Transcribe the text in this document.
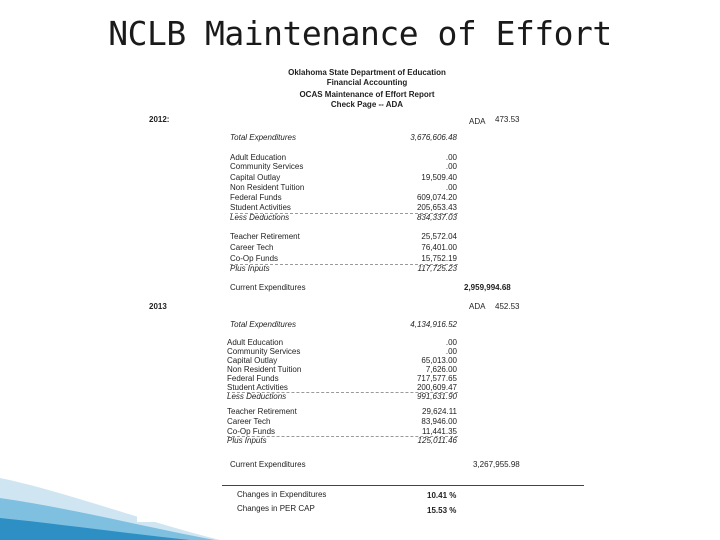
NCLB Maintenance of Effort
Oklahoma State Department of Education
Financial Accounting
OCAS Maintenance of Effort Report
Check Page -- ADA
2012:	ADA 473.53
Total Expenditures	3,676,606.48
Adult Education	.00
Community Services	.00
Capital Outlay	19,509.40
Non Resident Tuition	.00
Federal Funds	609,074.20
Student Activities	205,653.43
Less Deductions	834,337.03
Teacher Retirement	25,572.04
Career Tech	76,401.00
Co-Op Funds	15,752.19
Plus Inputs	117,725.23
Current Expenditures	2,959,994.68
2013	ADA 452.53
Total Expenditures	4,134,916.52
Adult Education	.00
Community Services	.00
Capital Outlay	65,013.00
Non Resident Tuition	7,626.00
Federal Funds	717,577.65
Student Activities	200,609.47
Less Deductions	991,631.90
Teacher Retirement	29,624.11
Career Tech	83,946.00
Co-Op Funds	11,441.35
Plus Inputs	125,011.46
Current Expenditures	3,267,955.98
Changes in Expenditures	10.41 %
Changes in PER CAP	15.53 %
